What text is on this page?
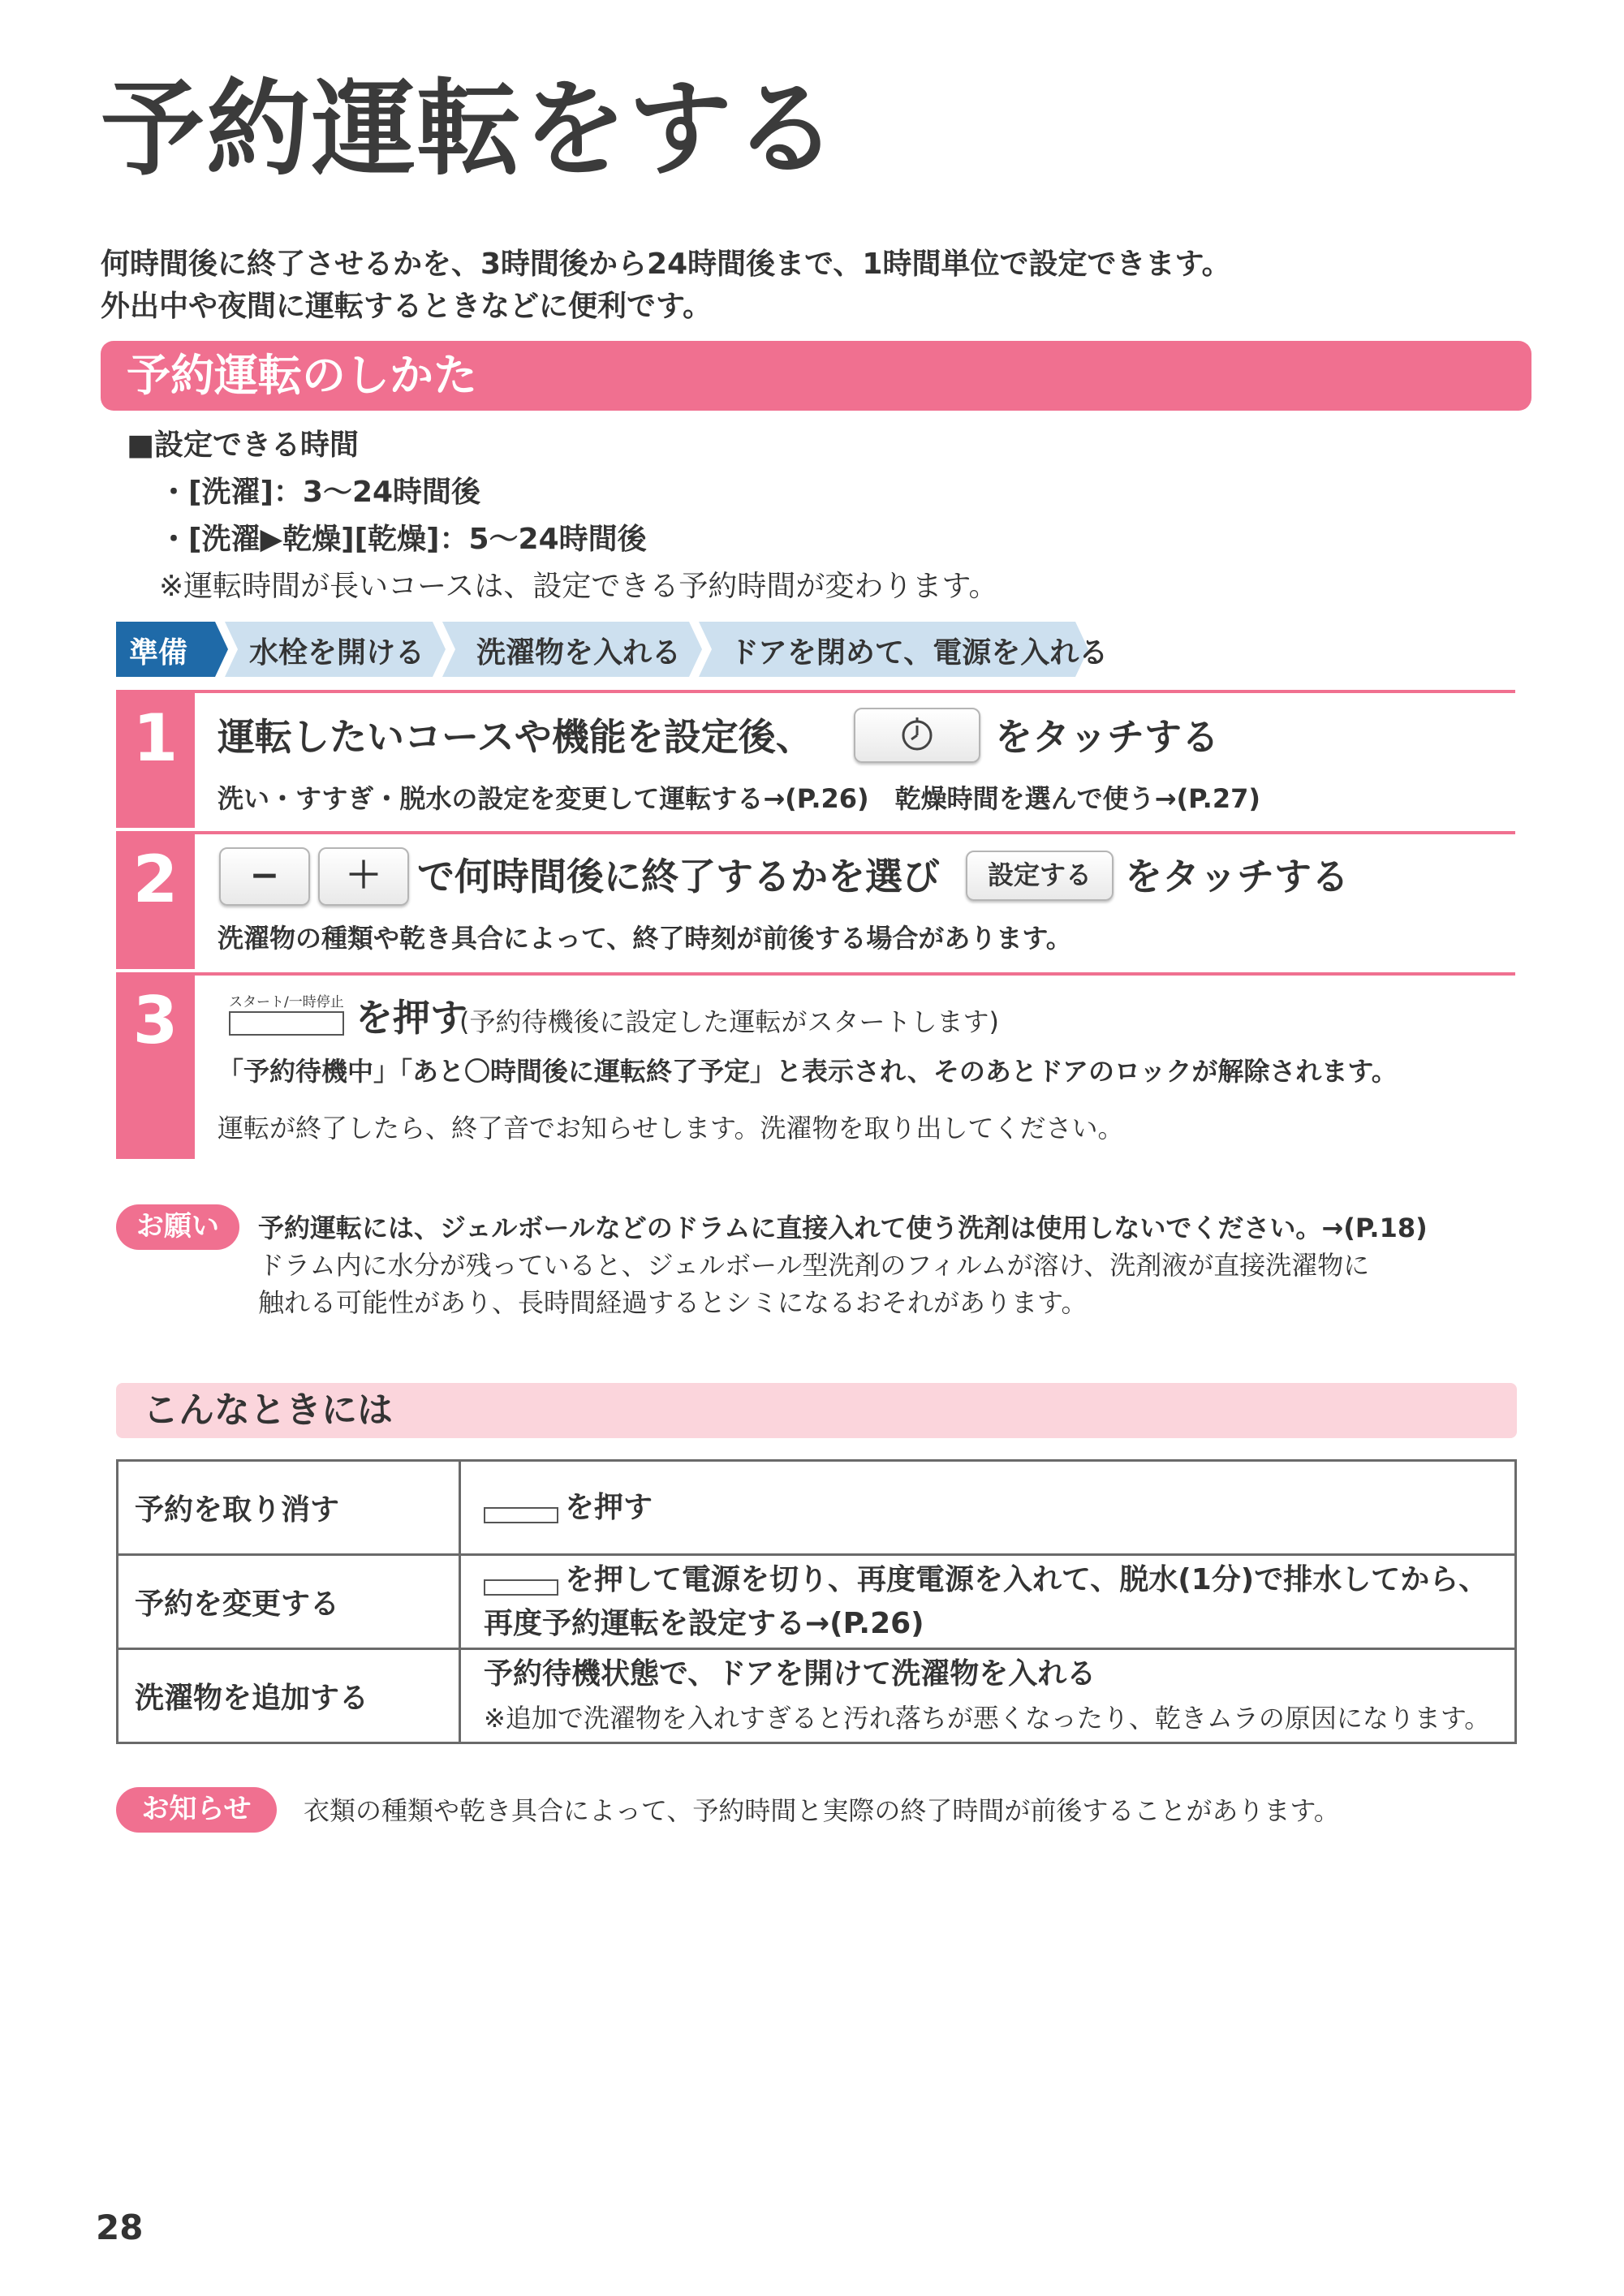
予約運転をする
何時間後に終了させるかを、3時間後から24時間後まで、1時間単位で設定できます。
外出中や夜間に運転するときなどに便利です。
予約運転のしかた
■設定できる時間
・[洗濯]：3〜24時間後
・[洗濯▶乾燥][乾燥]：5〜24時間後
※運転時間が長いコースは、設定できる予約時間が変わります。
準備 水栓を開ける 洗濯物を入れる ドアを閉めて、電源を入れる
1	運転したいコースや機能を設定後、	をタッチする
洗い・すすぎ・脱水の設定を変更して運転する→(P.26)　乾燥時間を選んで使う→(P.27)
2	−	＋ で何時間後に終了するかを選び	設定する をタッチする
洗濯物の種類や乾き具合によって、終了時刻が前後する場合があります。
3	スタート/一時停止 を押す
(予約待機後に設定した運転がスタートします)
「予約待機中」「あと〇時間後に運転終了予定」と表示され、そのあとドアのロックが解除されます。
運転が終了したら、終了音でお知らせします。洗濯物を取り出してください。
お願い	予約運転には、ジェルボールなどのドラムに直接入れて使う洗剤は使用しないでください。→(P.18)
ドラム内に水分が残っていると、ジェルボール型洗剤のフィルムが溶け、洗剤液が直接洗濯物に
触れる可能性があり、長時間経過するとシミになるおそれがあります。
こんなときには
予約を取り消す	を押す

予約を変更する	を押して電源を切り、再度電源を入れて、脱水(1分)で排水してから、
再度予約運転を設定する→(P.26)

洗濯物を追加する	予約待機状態で、ドアを開けて洗濯物を入れる
※追加で洗濯物を入れすぎると汚れ落ちが悪くなったり、乾きムラの原因になります。
お知らせ	衣類の種類や乾き具合によって、予約時間と実際の終了時間が前後することがあります。
28
